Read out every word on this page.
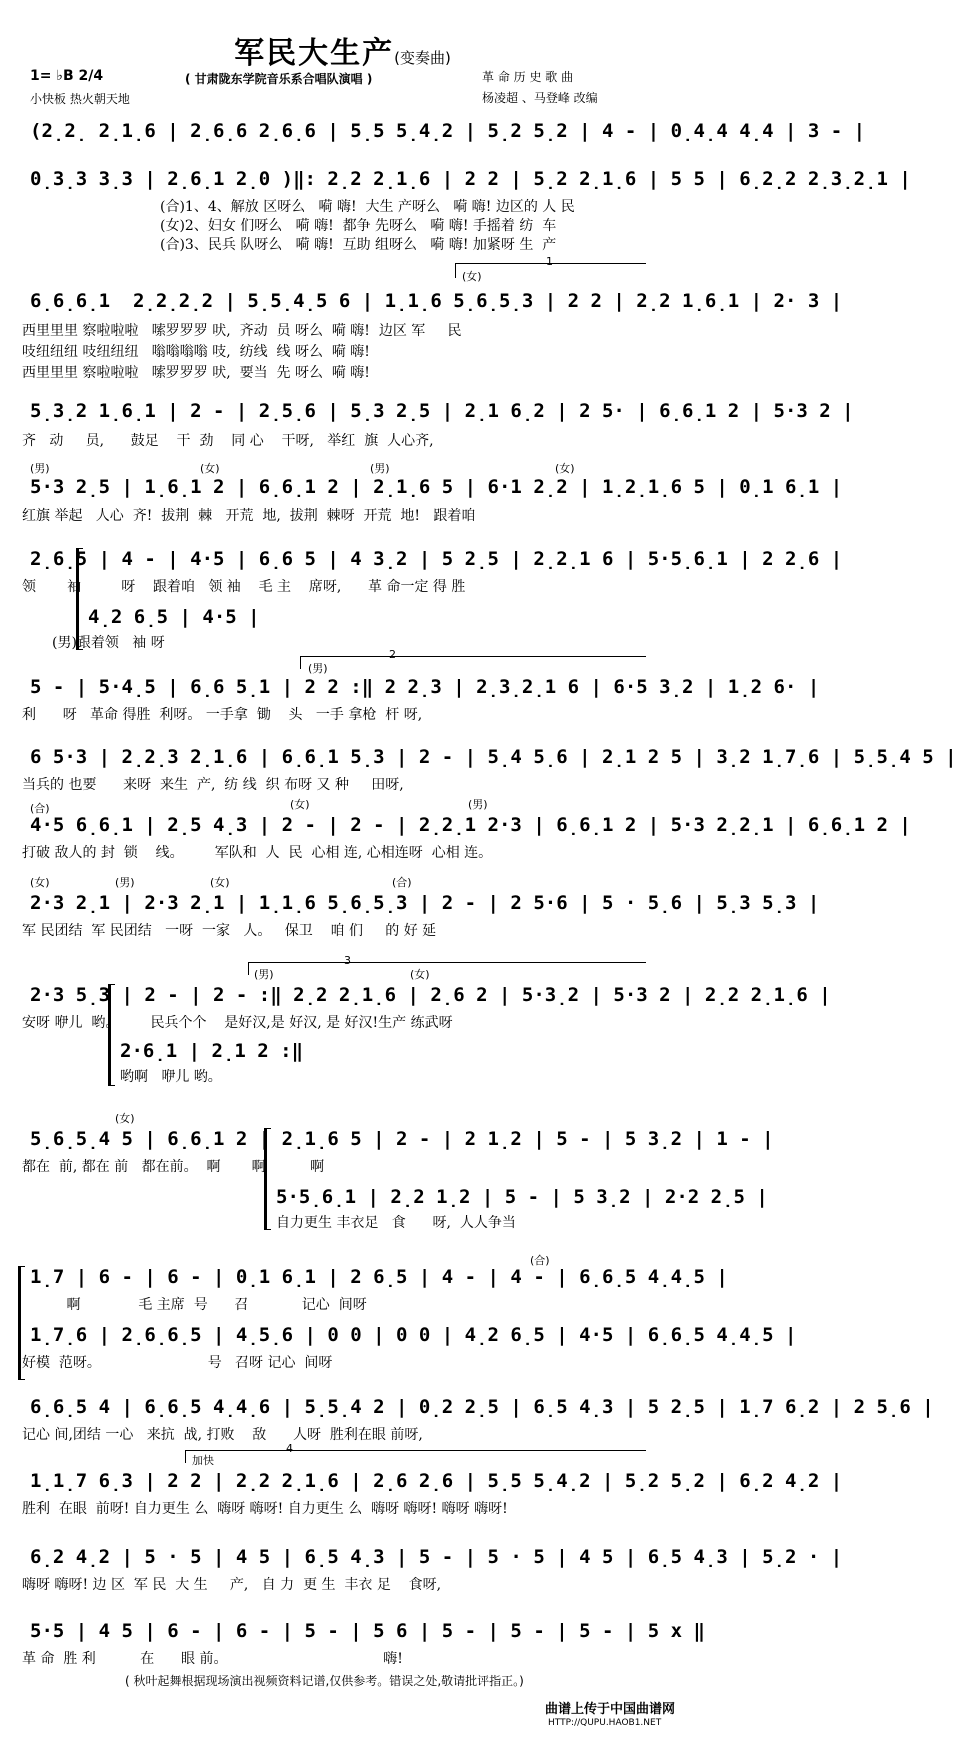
军民大生产(变奏曲)
1= ♭B 2/4	( 甘肃陇东学院音乐系合唱队演唱 )
小快板 热火朝天地
革 命 历 史 歌 曲
杨凌超 、马登峰 改编
(2̣2̣ 2̣1̣6 | 2̣6̣6 2̣6̣6 | 5̣5 5̣4̣2 | 5̣2 5̣2 | 4 - | 0̣4̣4 4̣4 | 3 - |
0̣3̣3 3̣3 | 2̣6̣1 2̣0 )‖: 2̣2 2̣1̣6 | 2 2 | 5̣2 2̣1̣6 | 5 5 | 6̣2̣2 2̣3̣2̣1 |
(合)1、4、解放 区呀么   嗬 嗨!  大生 产呀么   嗬 嗨! 边区的 人 民
(女)2、妇女 们呀么   嗬 嗨!  都争 先呀么   嗬 嗨! 手摇着 纺  车
(合)3、民兵 队呀么   嗬 嗨!  互助 组呀么   嗬 嗨! 加紧呀 生  产
1
(女)
6̣6̣6̣1  2̣2̣2̣2 | 5̣5̣4̣5 6 | 1̣1̣6 5̣6̣5̣3 | 2 2 | 2̣2 1̣6̣1 | 2· 3 |
西里里里 察啦啦啦   嗦罗罗罗 吠,  齐动  员 呀么  嗬 嗨!  边区 军     民
吱纽纽纽 吱纽纽纽   嗡嗡嗡嗡 吱,  纺线  线 呀么  嗬 嗨!
西里里里 察啦啦啦   嗦罗罗罗 吠,  要当  先 呀么  嗬 嗨!
5̣3̣2 1̣6̣1 | 2 - | 2̣5̣6 | 5̣3 2̣5 | 2̣1 6̣2 | 2 5· | 6̣6̣1 2 | 5·3 2 |
齐   动     员,      鼓足    干  劲    同 心    干呀,   举红  旗  人心齐,
(男)	(女)	(男)	(女)
5·3 2̣5 | 1̣6̣1 2 | 6̣6̣1 2 | 2̣1̣6 5 | 6·1 2̣2 | 1̣2̣1̣6 5 | 0̣1 6̣1 |
红旗 举起   人心  齐!  拔荆  棘   开荒  地,  拔荆  棘呀  开荒  地!   跟着咱
2̣6̣5 | 4 - | 4·5 | 6̣6 5 | 4 3̣2 | 5 2̣5 | 2̣2̣1 6 | 5·5̣6̣1 | 2 2̣6 |
领       袖         呀    跟着咱   领 袖    毛 主    席呀,      革 命一定 得 胜
4̣2 6̣5 | 4·5 |
(男)跟着领   袖 呀
2
(男)
5 - | 5·4̣5 | 6̣6 5̣1 | 2 2 :‖ 2 2̣3 | 2̣3̣2̣1 6 | 6·5 3̣2 | 1̣2 6· |
利      呀   革命 得胜  利呀。 一手拿  锄    头   一手 拿枪  杆 呀,
6 5·3 | 2̣2̣3 2̣1̣6 | 6̣6̣1 5̣3 | 2 - | 5̣4 5̣6 | 2̣1 2 5 | 3̣2 1̣7̣6 | 5̣5̣4 5 |
当兵的 也要      来呀  来生  产,  纺 线  织 布呀 又 种     田呀,
(合)	(女)	(男)
4·5 6̣6̣1 | 2̣5 4̣3 | 2 - | 2 - | 2̣2̣1 2·3 | 6̣6̣1 2 | 5·3 2̣2̣1 | 6̣6̣1 2 |
打破 敌人的 封  锁    线。       军队和  人  民  心相 连, 心相连呀  心相 连。
(女)	(男)	(女)	(合)
2·3 2̣1 | 2·3 2̣1 | 1̣1̣6 5̣6̣5̣3 | 2 - | 2 5·6 | 5 · 5̣6 | 5̣3 5̣3 |
军 民团结  军 民团结   一呀  一家   人。   保卫    咱 们     的 好 延
3
(男)	(女)
2·3 5̣3 | 2 - | 2 - :‖ 2̣2 2̣1̣6 | 2̣6 2 | 5·3̣2 | 5·3 2 | 2̣2 2̣1̣6 |
安呀 咿儿  哟。       民兵个个    是好汉,是 好汉, 是 好汉!生产 练武呀
2·6̣1 | 2̣1 2 :‖
哟啊   咿儿 哟。
(女)
5̣6̣5̣4 5 | 6̣6̣1 2 | 2̣1̣6 5 | 2 - | 2 1̣2 | 5 - | 5 3̣2 | 1 - |
都在  前, 都在 前   都在前。  啊       啊          啊
5·5̣6̣1 | 2̣2 1̣2 | 5 - | 5 3̣2 | 2·2 2̣5 |
自力更生 丰衣足   食      呀,  人人争当
(合)
1̣7 | 6 - | 6 - | 0̣1 6̣1 | 2 6̣5 | 4 - | 4 - | 6̣6̣5 4̣4̣5 |
啊             毛 主席  号      召            记心  间呀
1̣7̣6 | 2̣6̣6̣5 | 4̣5̣6 | 0 0 | 0 0 | 4̣2 6̣5 | 4·5 | 6̣6̣5 4̣4̣5 |
好模  范呀。                        号   召呀 记心  间呀
6̣6̣5 4 | 6̣6̣5 4̣4̣6 | 5̣5̣4 2 | 0̣2 2̣5 | 6̣5 4̣3 | 5 2̣5 | 1̣7 6̣2 | 2 5̣6 |
记心 间,团结 一心   来抗  战, 打败    敌      人呀  胜利在眼 前呀,
4
加快
1̣1̣7 6̣3 | 2 2 | 2̣2 2̣1̣6 | 2̣6 2̣6 | 5̣5 5̣4̣2 | 5̣2 5̣2 | 6̣2 4̣2 |
胜利  在眼  前呀! 自力更生 么  嗨呀 嗨呀! 自力更生 么  嗨呀 嗨呀! 嗨呀 嗨呀!
6̣2 4̣2 | 5 · 5 | 4 5 | 6̣5 4̣3 | 5 - | 5 · 5 | 4 5 | 6̣5 4̣3 | 5̣2 · |
嗨呀 嗨呀! 边 区  军 民  大 生     产,   自 力  更 生  丰衣 足    食呀,
5·5 | 4 5 | 6 - | 6 - | 5 - | 5 6 | 5 - | 5 - | 5 - | 5 x ‖
革 命  胜 利          在      眼 前。                                   嗨!
( 秋叶起舞根据现场演出视频资料记谱,仅供参考。错误之处,敬请批评指正。)
曲谱上传于中国曲谱网
HTTP://QUPU.HAOB1.NET
